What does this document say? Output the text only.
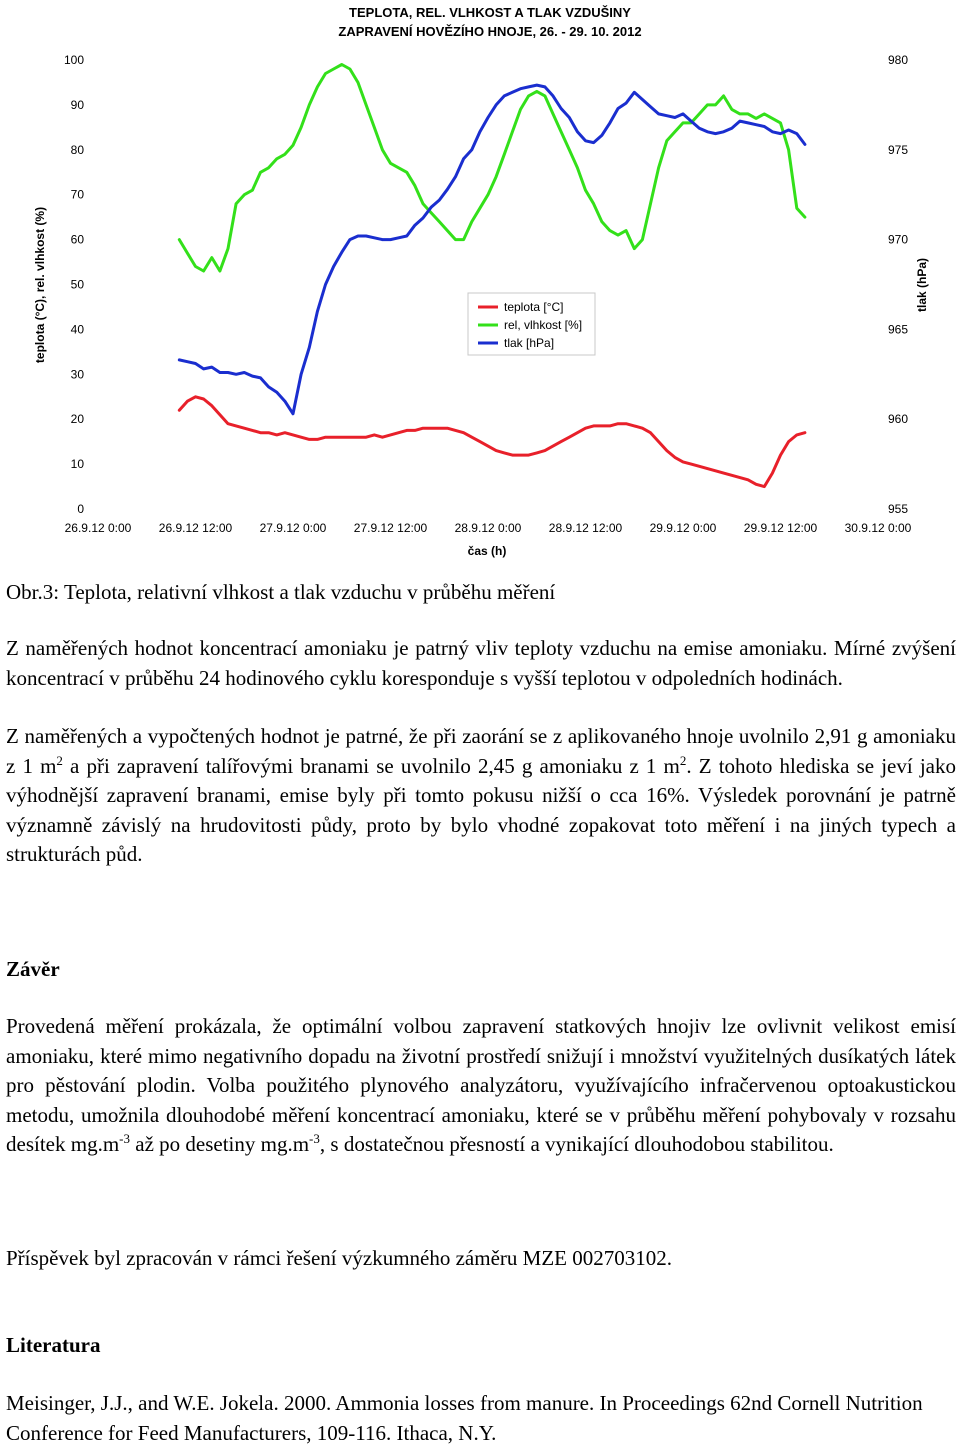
TEPLOTA, REL. VLHKOST A TLAK VZDUŠINY
ZAPRAVENÍ HOVĚZÍHO HNOJE, 26. - 29. 10. 2012
100
90
80
70
60
50
40
30
20
10
0
980
975
970
965
960
955
26.9.12 0:00 26.9.12 12:00 27.9.12 0:00 27.9.12 12:00 28.9.12 0:00 28.9.12 12:00 29.9.12 0:00 29.9.12 12:00 30.9.12 0:00
teplota (°C), rel. vlhkost (%)	tlak (hPa)
čas (h)
teplota [°C]
rel, vlhkost [%]
tlak [hPa]
Obr.3: Teplota, relativní vlhkost a tlak vzduchu v průběhu měření
Z naměřených hodnot koncentrací amoniaku je patrný vliv teploty vzduchu na emise amoniaku. Mírné zvýšení koncentrací v průběhu 24 hodinového cyklu koresponduje s vyšší teplotou v odpoledních hodinách.
Z naměřených a vypočtených hodnot je patrné, že při zaorání se z aplikovaného hnoje uvolnilo 2,91 g amoniaku z 1 $m^2$ a při zapravení talířovými branami se uvolnilo 2,45 g amoniaku z 1 $m^2$. Z tohoto hlediska se jeví jako výhodnější zapravení branami, emise byly při tomto pokusu nižší o cca 16%. Výsledek porovnání je patrně významně závislý na hrudovitosti půdy, proto by bylo vhodné zopakovat toto měření i na jiných typech a strukturách půd.
Závěr
Provedená měření prokázala, že optimální volbou zapravení statkových hnojiv lze ovlivnit velikost emisí amoniaku, které mimo negativního dopadu na životní prostředí snižují i množství využitelných dusíkatých látek pro pěstování plodin. Volba použitého plynového analyzátoru, využívajícího infračervenou optoakustickou metodu, umožnila dlouhodobé měření koncentrací amoniaku, které se v průběhu měření pohybovaly v rozsahu desítek $mg.m^{-3}$ až po desetiny $mg.m^{-3}$, s dostatečnou přesností a vynikající dlouhodobou stabilitou.
Příspěvek byl zpracován v rámci řešení výzkumného záměru MZE 002703102.
Literatura
Meisinger, J.J., and W.E. Jokela. 2000. Ammonia losses from manure. In Proceedings 62nd Cornell Nutrition Conference for Feed Manufacturers, 109-116. Ithaca, N.Y.
